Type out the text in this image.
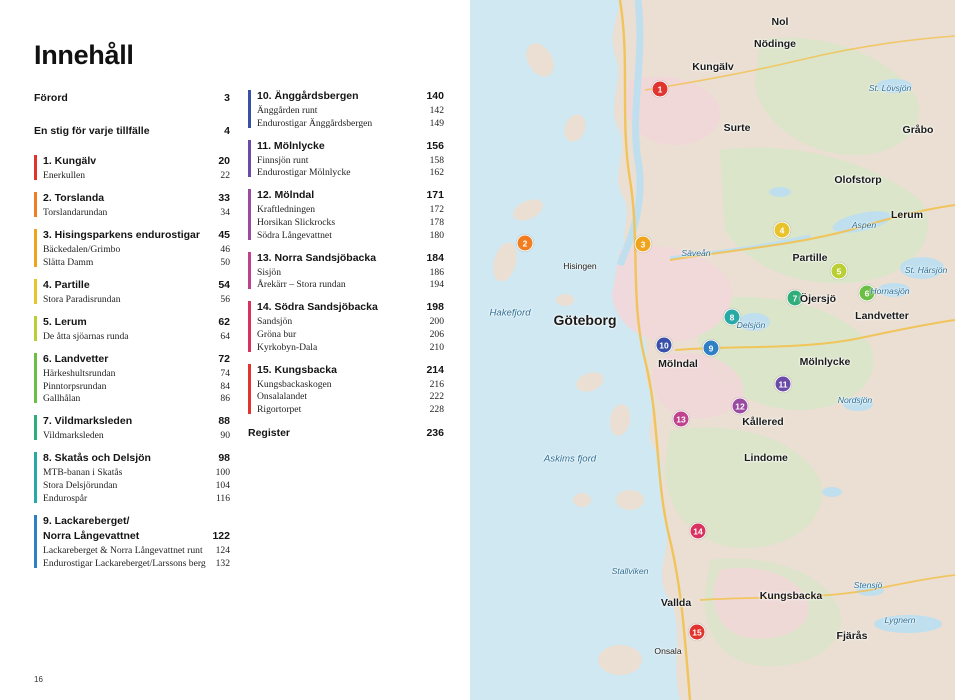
Innehåll
Förord	3
En stig för varje tillfälle	4
1. Kungälv	20
Enerkullen	22
2. Torslanda	33
Torslandarundan	34
3. Hisingsparkens endurostigar	45
Bäckedalen/Grimbo	46
Slätta Damm	50
4. Partille	54
Stora Paradisrundan	56
5. Lerum	62
De åtta sjöarnas runda	64
6. Landvetter	72
Härkeshultsrundan	74
Pinntorpsrundan	84
Gallhålan	86
7. Vildmarksleden	88
Vildmarksleden	90
8. Skatås och Delsjön	98
MTB-banan i Skatås	100
Stora Delsjörundan	104
Endurospår	116
9. Lackareberget/
Norra Långevattnet	122
Lackareberget & Norra Långevattnet runt	124
Endurostigar Lackareberget/Larssons berg	132
10. Änggårdsbergen	140
Änggården runt	142
Endurostigar Änggårdsbergen	149
11. Mölnlycke	156
Finnsjön runt	158
Endurostigar Mölnlycke	162
12. Mölndal	171
Kraftledningen	172
Horsikan Slickrocks	178
Södra Långevattnet	180
13. Norra Sandsjöbacka	184
Sisjön	186
Årekärr – Stora rundan	194
14. Södra Sandsjöbacka	198
Sandsjön	200
Gröna bur	206
Kyrkobyn-Dala	210
15. Kungsbacka	214
Kungsbackaskogen	216
Onsalalandet	222
Rigortorpet	228
Register	236
16
1
2	3
4
5
6
7
8
9
10
11
12
13
14
15
Göteborg
Nol
Nödinge
Kungälv
Surte	Gråbo
Olofstorp
Lerum
Partille
Öjersjö
Landvetter
Mölndal	Mölnlycke
Kållered
Lindome
Kungsbacka
Vallda
Fjärås
Hisingen
Onsala
Säveån
Aspen
St. Härsjön
Hornasjön
Delsjön
Nordsjön
Stensjö
Lygnern
St. Lövsjön
Hakefjord
Askims fjord
Stallviken
